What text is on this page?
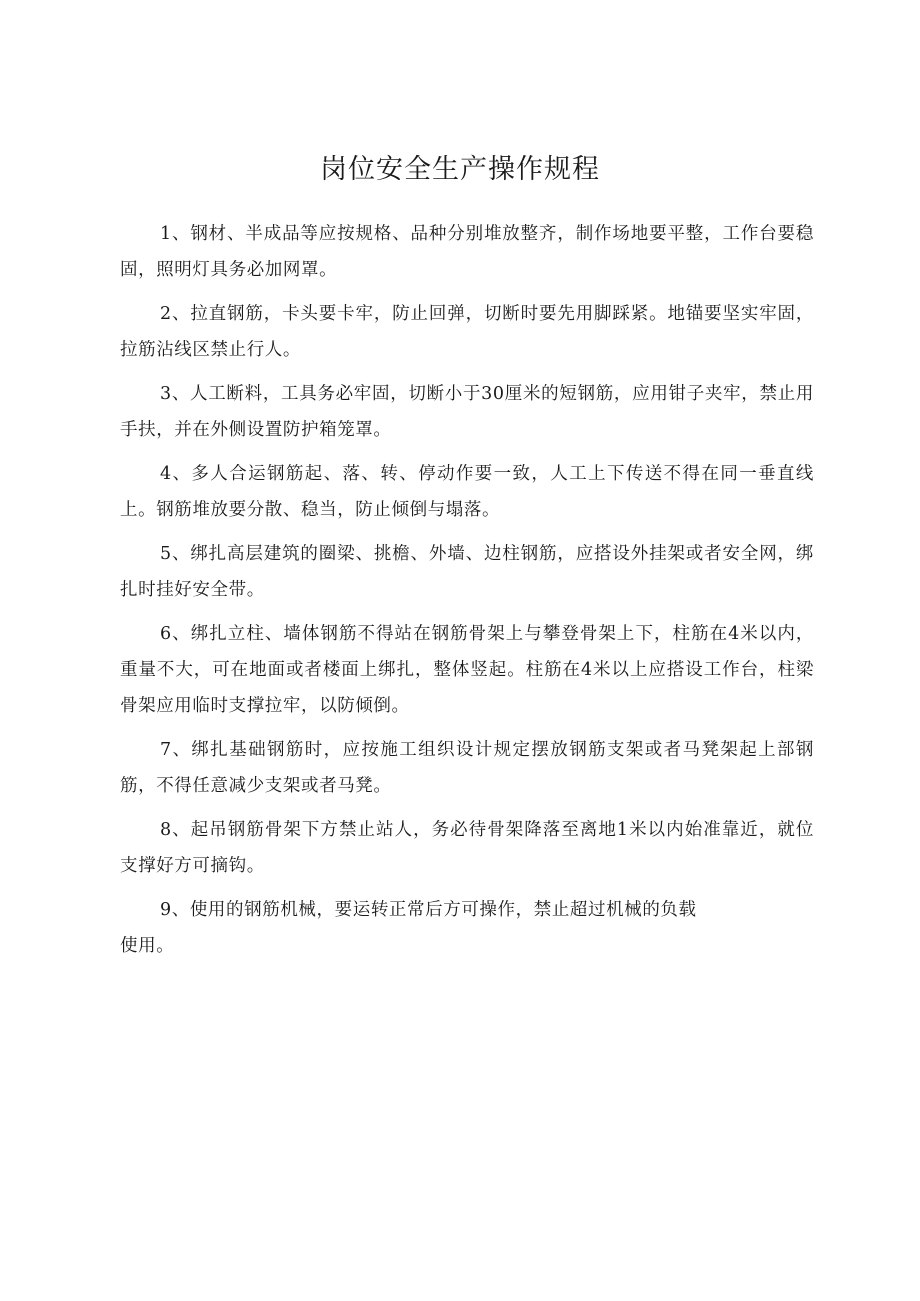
岗位安全生产操作规程

1、钢材、半成品等应按规格、品种分别堆放整齐，制作场地要平整，工作台要稳固，照明灯具务必加网罩。

2、拉直钢筋，卡头要卡牢，防止回弹，切断时要先用脚踩紧。地锚要坚实牢固，拉筋沾线区禁止行人。

3、人工断料，工具务必牢固，切断小于30厘米的短钢筋，应用钳子夹牢，禁止用手扶，并在外侧设置防护箱笼罩。

4、多人合运钢筋起、落、转、停动作要一致，人工上下传送不得在同一垂直线上。钢筋堆放要分散、稳当，防止倾倒与塌落。

5、绑扎高层建筑的圈梁、挑檐、外墙、边柱钢筋，应搭设外挂架或者安全网，绑扎时挂好安全带。

6、绑扎立柱、墙体钢筋不得站在钢筋骨架上与攀登骨架上下，柱筋在4米以内，重量不大，可在地面或者楼面上绑扎，整体竖起。柱筋在4米以上应搭设工作台，柱梁骨架应用临时支撑拉牢，以防倾倒。

7、绑扎基础钢筋时，应按施工组织设计规定摆放钢筋支架或者马凳架起上部钢筋，不得任意减少支架或者马凳。

8、起吊钢筋骨架下方禁止站人，务必待骨架降落至离地1米以内始准靠近，就位支撑好方可摘钩。

9、使用的钢筋机械，要运转正常后方可操作，禁止超过机械的负载
使用。
